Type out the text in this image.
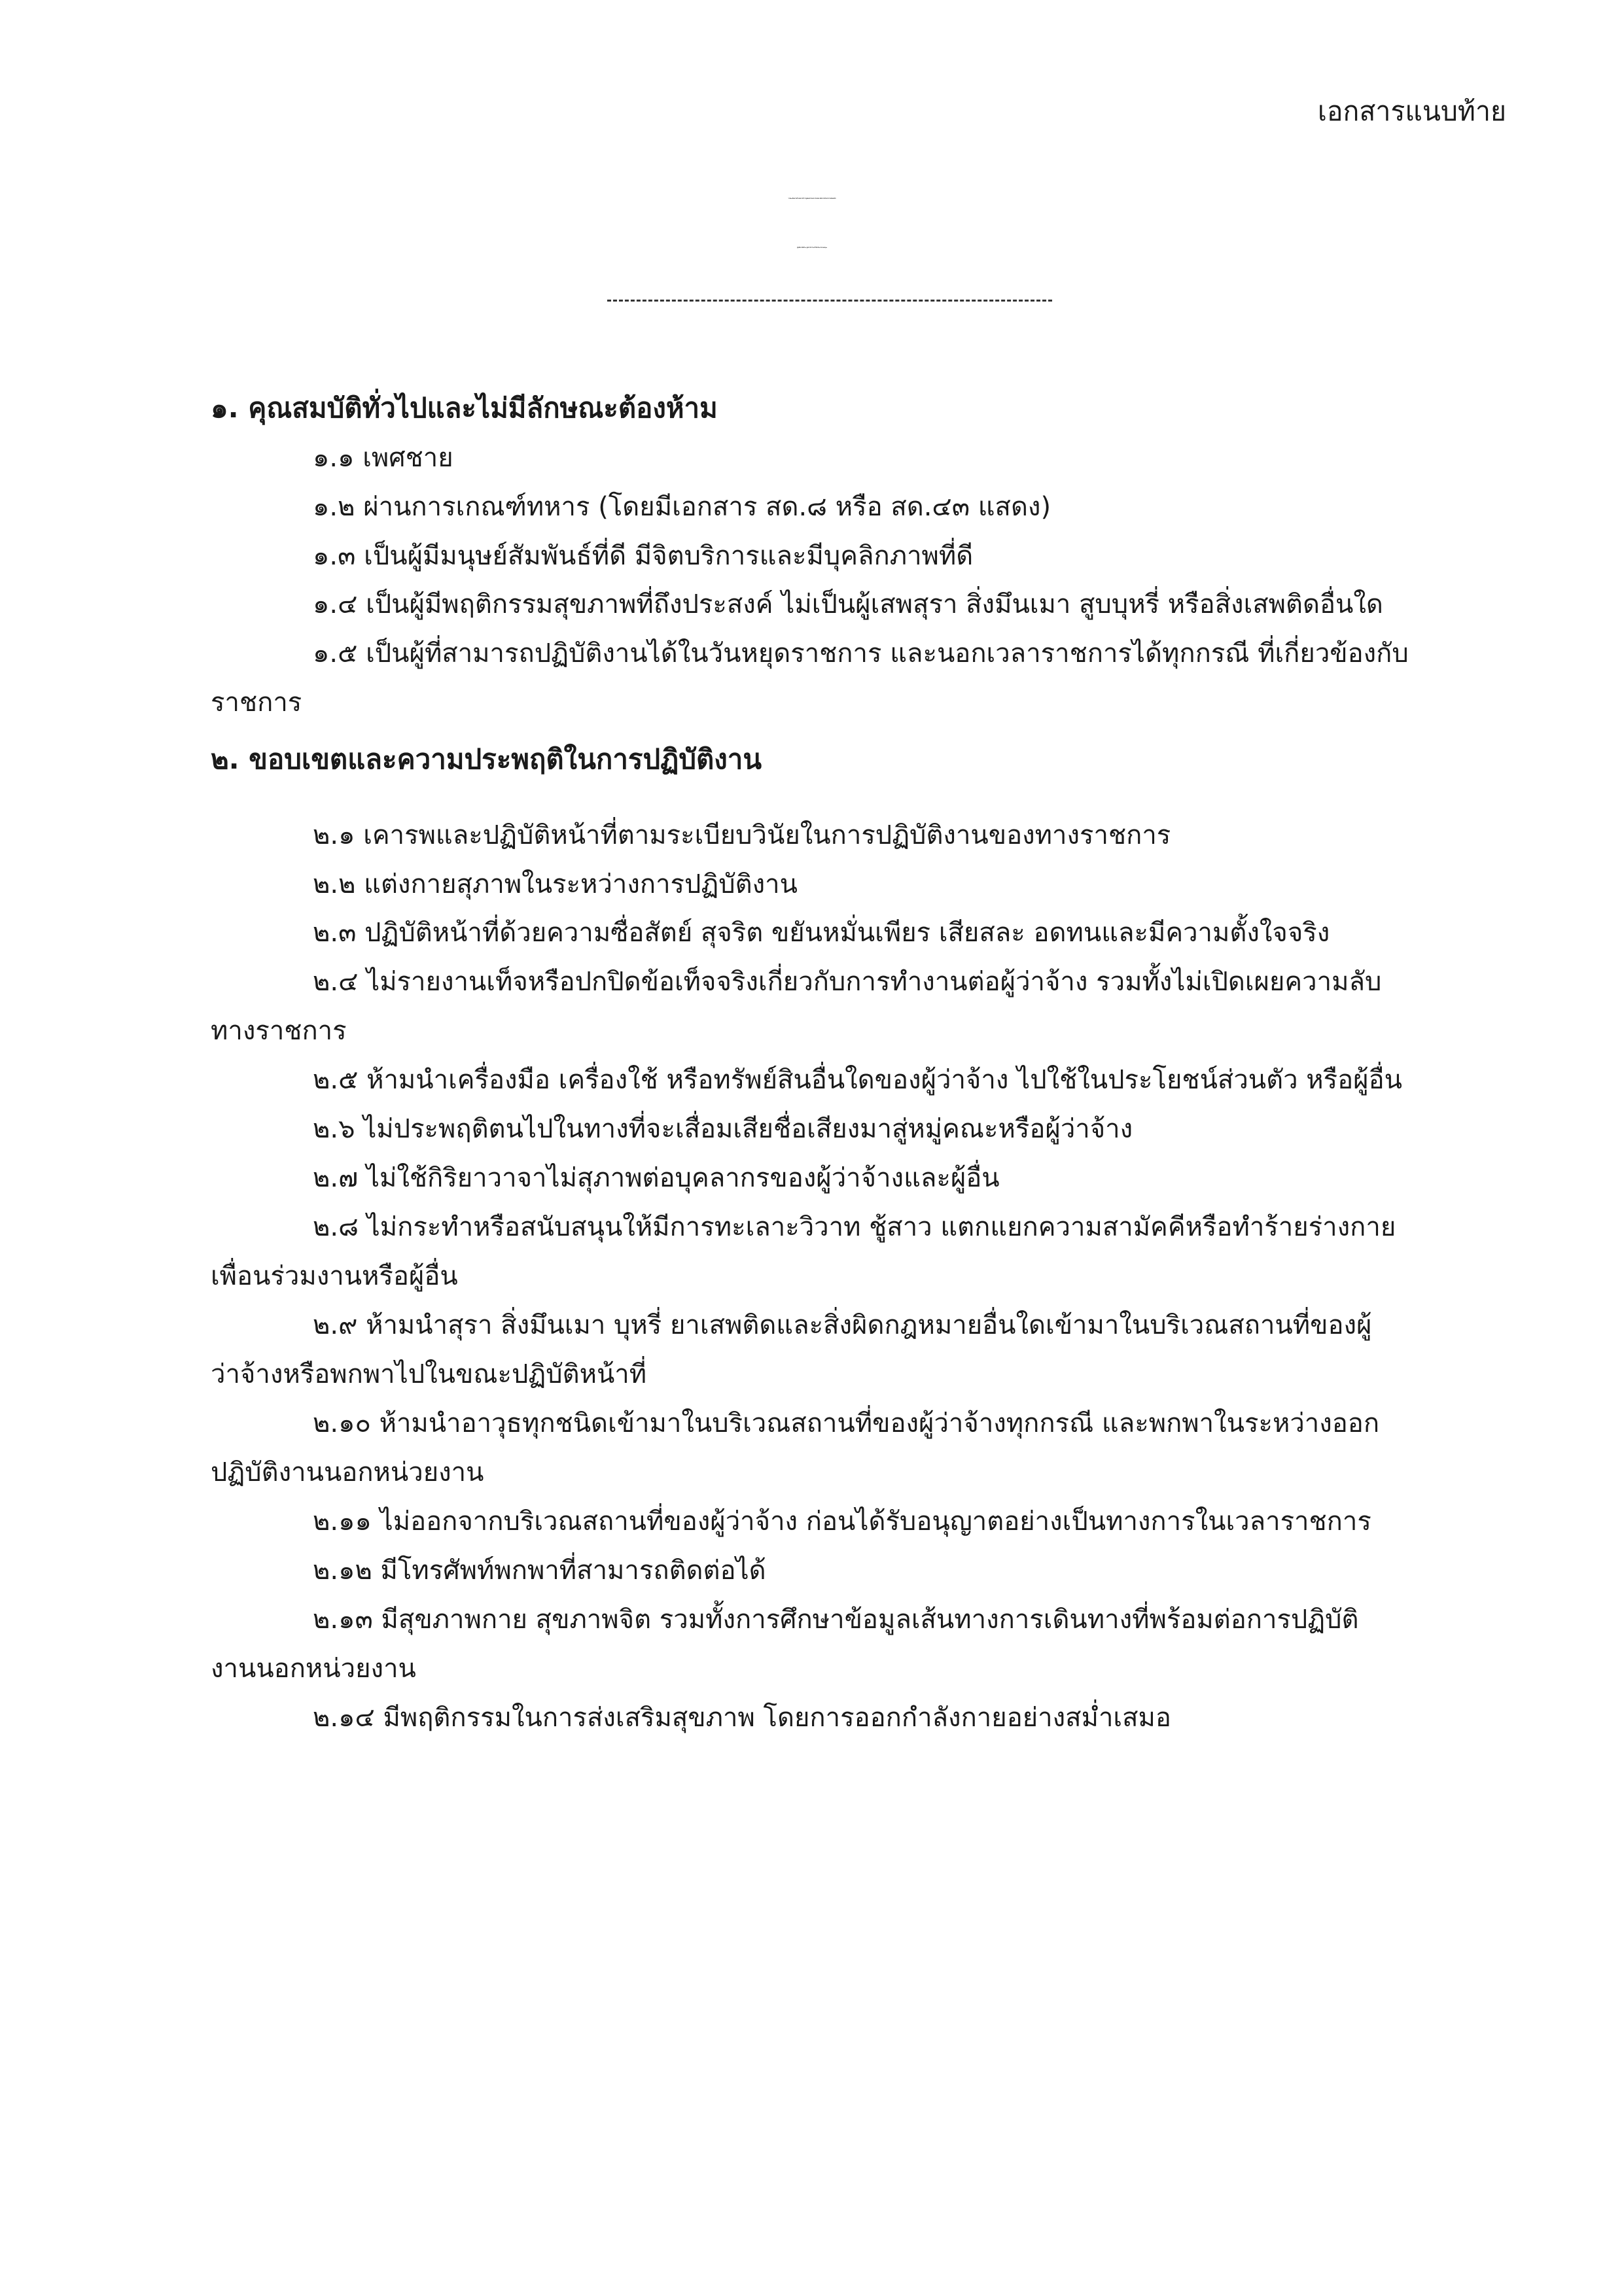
เอกสารแนบท้าย
รายละเอียดงานจ้างเหมาบริการบุคคลภายนอก ตำแหน่ง พนักงานรักษาความปลอดภัย
ศูนย์อนามัยที่ ๘ อุดรธานี ประจำปีงบประมาณ ๒๕๖๗
๑. คุณสมบัติทั่วไปและไม่มีลักษณะต้องห้าม
๑.๑ เพศชาย
๑.๒ ผ่านการเกณฑ์ทหาร (โดยมีเอกสาร สด.๘ หรือ สด.๔๓ แสดง)
๑.๓ เป็นผู้มีมนุษย์สัมพันธ์ที่ดี มีจิตบริการและมีบุคลิกภาพที่ดี
๑.๔ เป็นผู้มีพฤติกรรมสุขภาพที่ถึงประสงค์ ไม่เป็นผู้เสพสุรา สิ่งมึนเมา สูบบุหรี่ หรือสิ่งเสพติดอื่นใด
๑.๕ เป็นผู้ที่สามารถปฏิบัติงานได้ในวันหยุดราชการ และนอกเวลาราชการได้ทุกกรณี ที่เกี่ยวข้องกับ
ราชการ
๒. ขอบเขตและความประพฤติในการปฏิบัติงาน
๒.๑ เคารพและปฏิบัติหน้าที่ตามระเบียบวินัยในการปฏิบัติงานของทางราชการ
๒.๒ แต่งกายสุภาพในระหว่างการปฏิบัติงาน
๒.๓ ปฏิบัติหน้าที่ด้วยความซื่อสัตย์ สุจริต ขยันหมั่นเพียร เสียสละ อดทนและมีความตั้งใจจริง
๒.๔ ไม่รายงานเท็จหรือปกปิดข้อเท็จจริงเกี่ยวกับการทำงานต่อผู้ว่าจ้าง รวมทั้งไม่เปิดเผยความลับ
ทางราชการ
๒.๕ ห้ามนำเครื่องมือ เครื่องใช้ หรือทรัพย์สินอื่นใดของผู้ว่าจ้าง ไปใช้ในประโยชน์ส่วนตัว หรือผู้อื่น
๒.๖ ไม่ประพฤติตนไปในทางที่จะเสื่อมเสียชื่อเสียงมาสู่หมู่คณะหรือผู้ว่าจ้าง
๒.๗ ไม่ใช้กิริยาวาจาไม่สุภาพต่อบุคลากรของผู้ว่าจ้างและผู้อื่น
๒.๘ ไม่กระทำหรือสนับสนุนให้มีการทะเลาะวิวาท ชู้สาว แตกแยกความสามัคคีหรือทำร้ายร่างกาย
เพื่อนร่วมงานหรือผู้อื่น
๒.๙ ห้ามนำสุรา สิ่งมึนเมา บุหรี่ ยาเสพติดและสิ่งผิดกฎหมายอื่นใดเข้ามาในบริเวณสถานที่ของผู้
ว่าจ้างหรือพกพาไปในขณะปฏิบัติหน้าที่
๒.๑๐ ห้ามนำอาวุธทุกชนิดเข้ามาในบริเวณสถานที่ของผู้ว่าจ้างทุกกรณี และพกพาในระหว่างออก
ปฏิบัติงานนอกหน่วยงาน
๒.๑๑ ไม่ออกจากบริเวณสถานที่ของผู้ว่าจ้าง ก่อนได้รับอนุญาตอย่างเป็นทางการในเวลาราชการ
๒.๑๒ มีโทรศัพท์พกพาที่สามารถติดต่อได้
๒.๑๓ มีสุขภาพกาย สุขภาพจิต รวมทั้งการศึกษาข้อมูลเส้นทางการเดินทางที่พร้อมต่อการปฏิบัติ
งานนอกหน่วยงาน
๒.๑๔ มีพฤติกรรมในการส่งเสริมสุขภาพ โดยการออกกำลังกายอย่างสม่ำเสมอ
